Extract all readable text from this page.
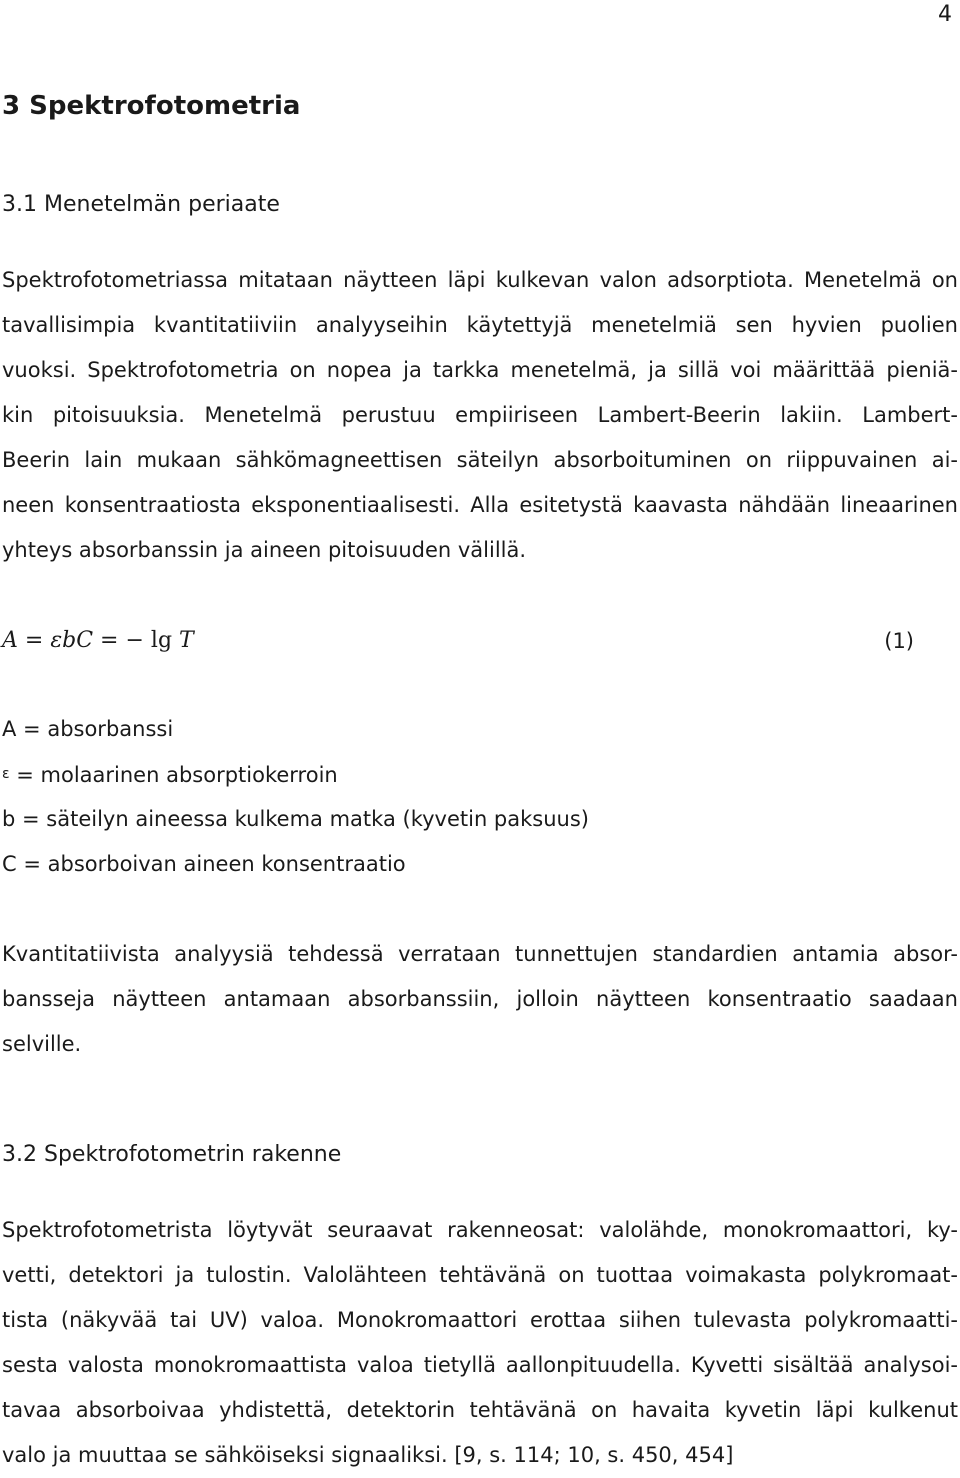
4
3 Spektrofotometria
3.1 Menetelmän periaate
Spektrofotometriassa mitataan näytteen läpi kulkevan valon adsorptiota. Menetelmä on
tavallisimpia kvantitatiiviin analyyseihin käytettyjä menetelmiä sen hyvien puolien
vuoksi. Spektrofotometria on nopea ja tarkka menetelmä, ja sillä voi määrittää pieniä-
kin pitoisuuksia. Menetelmä perustuu empiiriseen Lambert-Beerin lakiin. Lambert-
Beerin lain mukaan sähkömagneettisen säteilyn absorboituminen on riippuvainen ai-
neen konsentraatiosta eksponentiaalisesti. Alla esitetystä kaavasta nähdään lineaarinen
yhteys absorbanssin ja aineen pitoisuuden välillä.
A = εbC = − lg T	(1)
A = absorbanssi
ε = molaarinen absorptiokerroin
b = säteilyn aineessa kulkema matka (kyvetin paksuus)
C = absorboivan aineen konsentraatio
Kvantitatiivista analyysiä tehdessä verrataan tunnettujen standardien antamia absor-
bansseja näytteen antamaan absorbanssiin, jolloin näytteen konsentraatio saadaan
selville.
3.2 Spektrofotometrin rakenne
Spektrofotometrista löytyvät seuraavat rakenneosat: valolähde, monokromaattori, ky-
vetti, detektori ja tulostin. Valolähteen tehtävänä on tuottaa voimakasta polykromaat-
tista (näkyvää tai UV) valoa. Monokromaattori erottaa siihen tulevasta polykromaatti-
sesta valosta monokromaattista valoa tietyllä aallonpituudella. Kyvetti sisältää analysoi-
tavaa absorboivaa yhdistettä, detektorin tehtävänä on havaita kyvetin läpi kulkenut
valo ja muuttaa se sähköiseksi signaaliksi. [9, s. 114; 10, s. 450, 454]
